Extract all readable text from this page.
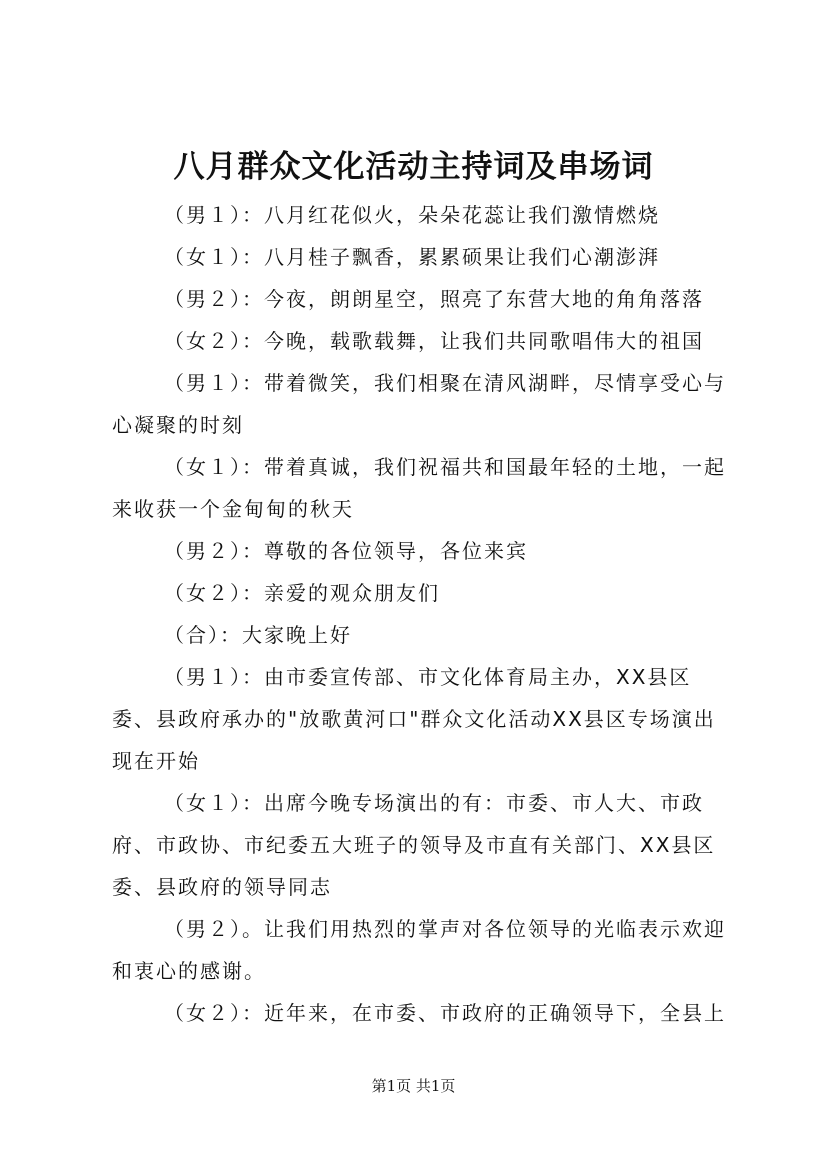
八月群众文化活动主持词及串场词

（男１）：八月红花似火，朵朵花蕊让我们激情燃烧

（女１）：八月桂子飘香，累累硕果让我们心潮澎湃

（男２）：今夜，朗朗星空，照亮了东营大地的角角落落

（女２）：今晚，载歌载舞，让我们共同歌唱伟大的祖国

（男１）：带着微笑，我们相聚在清风湖畔，尽情享受心与心凝聚的时刻

（女１）：带着真诚，我们祝福共和国最年轻的土地，一起来收获一个金甸甸的秋天

（男２）：尊敬的各位领导，各位来宾

（女２）：亲爱的观众朋友们

（合）：大家晚上好

（男１）：由市委宣传部、市文化体育局主办，XX县区委、县政府承办的"放歌黄河口"群众文化活动XX县区专场演出现在开始

（女１）：出席今晚专场演出的有：市委、市人大、市政府、市政协、市纪委五大班子的领导及市直有关部门、XX县区委、县政府的领导同志

（男２）。让我们用热烈的掌声对各位领导的光临表示欢迎和衷心的感谢。

（女２）：近年来，在市委、市政府的正确领导下，全县上

第1页 共1页
